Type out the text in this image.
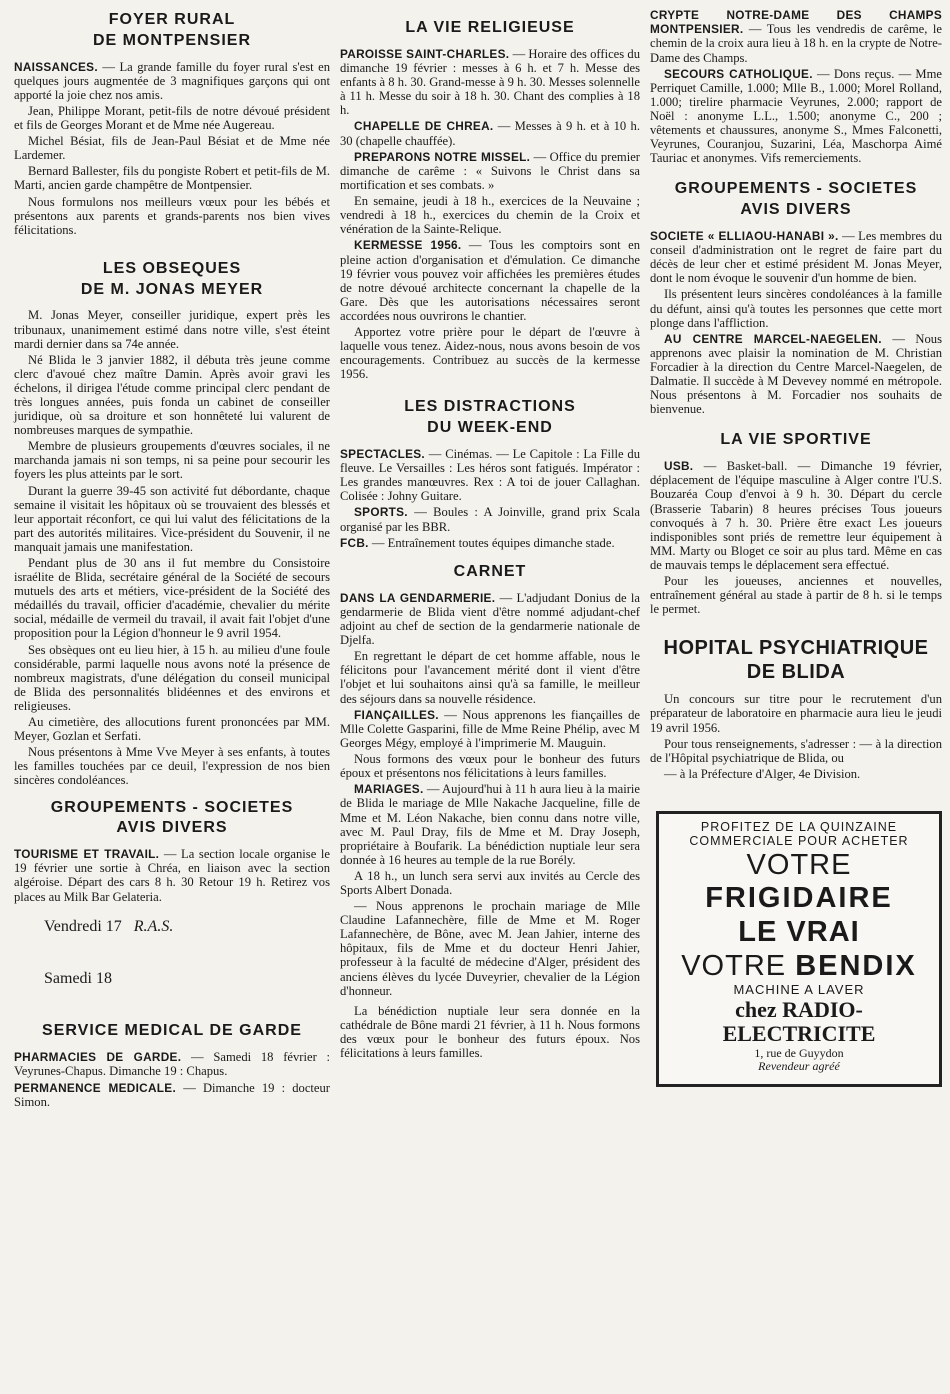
FOYER RURAL
DE MONTPENSIER

NAISSANCES. — La grande famille du foyer rural s'est en quelques jours augmentée de 3 magnifiques garçons qui ont apporté la joie chez nos amis.

Jean, Philippe Morant, petit-fils de notre dévoué président et fils de Georges Morant et de Mme née Augereau.

Michel Bésiat, fils de Jean-Paul Bésiat et de Mme née Lardemer.

Bernard Ballester, fils du pongiste Robert et petit-fils de M. Marti, ancien garde champêtre de Montpensier.

Nous formulons nos meilleurs vœux pour les bébés et présentons aux parents et grands-parents nos bien vives félicitations.

LES OBSEQUES
DE M. JONAS MEYER

M. Jonas Meyer, conseiller juridique, expert près les tribunaux, unanimement estimé dans notre ville, s'est éteint mardi dernier dans sa 74e année.

Né Blida le 3 janvier 1882, il débuta très jeune comme clerc d'avoué chez maître Damin. Après avoir gravi les échelons, il dirigea l'étude comme principal clerc pendant de très longues années, puis fonda un cabinet de conseiller juridique, où sa droiture et son honnêteté lui valurent de nombreuses marques de sympathie.

Membre de plusieurs groupements d'œuvres sociales, il ne marchanda jamais ni son temps, ni sa peine pour secourir les foyers les plus atteints par le sort.

Durant la guerre 39-45 son activité fut débordante, chaque semaine il visitait les hôpitaux où se trouvaient des blessés et leur apportait réconfort, ce qui lui valut des félicitations de la part des autorités militaires. Vice-président du Souvenir, il ne manquait jamais une manifestation.

Pendant plus de 30 ans il fut membre du Consistoire israélite de Blida, secrétaire général de la Société de secours mutuels des arts et métiers, vice-président de la Société des médaillés du travail, officier d'académie, chevalier du mérite social, médaille de vermeil du travail, il avait fait l'objet d'une proposition pour la Légion d'honneur le 9 avril 1954.

Ses obsèques ont eu lieu hier, à 15 h. au milieu d'une foule considérable, parmi laquelle nous avons noté la présence de nombreux magistrats, d'une délégation du conseil municipal de Blida des personnalités blidéennes et des environs et religieuses.

Au cimetière, des allocutions furent prononcées par MM. Meyer, Gozlan et Serfati.

Nous présentons à Mme Vve Meyer à ses enfants, à toutes les familles touchées par ce deuil, l'expression de nos bien sincères condoléances.

GROUPEMENTS - SOCIETES
AVIS DIVERS

TOURISME ET TRAVAIL. — La section locale organise le 19 février une sortie à Chréa, en liaison avec la section algéroise. Départ des cars 8 h. 30 Retour 19 h. Retirez vos places au Milk Bar Gelateria.

Vendredi 17 R.A.S.
Samedi 18
SERVICE MEDICAL DE GARDE

PHARMACIES DE GARDE. — Samedi 18 février : Veyrunes-Chapus. Dimanche 19 : Chapus.

PERMANENCE MEDICALE. — Dimanche 19 : docteur Simon.

LA VIE RELIGIEUSE

PAROISSE SAINT-CHARLES. — Horaire des offices du dimanche 19 février : messes à 6 h. et 7 h. Messe des enfants à 8 h. 30. Grand-messe à 9 h. 30. Messes solennelle à 11 h. Messe du soir à 18 h. 30. Chant des complies à 18 h.

CHAPELLE DE CHREA. — Messes à 9 h. et à 10 h. 30 (chapelle chauffée).

PREPARONS NOTRE MISSEL. — Office du premier dimanche de carême : « Suivons le Christ dans sa mortification et ses combats. »

En semaine, jeudi à 18 h., exercices de la Neuvaine ; vendredi à 18 h., exercices du chemin de la Croix et vénération de la Sainte-Relique.

KERMESSE 1956. — Tous les comptoirs sont en pleine action d'organisation et d'émulation. Ce dimanche 19 février vous pouvez voir affichées les premières études de notre dévoué architecte concernant la chapelle de la Gare. Dès que les autorisations nécessaires seront accordées nous ouvrirons le chantier.

Apportez votre prière pour le départ de l'œuvre à laquelle vous tenez. Aidez-nous, nous avons besoin de vos encouragements. Contribuez au succès de la kermesse 1956.

LES DISTRACTIONS
DU WEEK-END

SPECTACLES. — Cinémas. — Le Capitole : La Fille du fleuve. Le Versailles : Les héros sont fatigués. Impérator : Les grandes manœuvres. Rex : A toi de jouer Callaghan. Colisée : Johny Guitare.

SPORTS. — Boules : A Joinville, grand prix Scala organisé par les BBR.

FCB. — Entraînement toutes équipes dimanche stade.

CARNET

DANS LA GENDARMERIE. — L'adjudant Donius de la gendarmerie de Blida vient d'être nommé adjudant-chef adjoint au chef de section de la gendarmerie nationale de Djelfa.

En regrettant le départ de cet homme affable, nous le félicitons pour l'avancement mérité dont il vient d'être l'objet et lui souhaitons ainsi qu'à sa famille, le meilleur des séjours dans sa nouvelle résidence.

FIANÇAILLES. — Nous apprenons les fiançailles de Mlle Colette Gasparini, fille de Mme Reine Phélip, avec M Georges Mégy, employé à l'imprimerie M. Mauguin.

Nous formons des vœux pour le bonheur des futurs époux et présentons nos félicitations à leurs familles.

MARIAGES. — Aujourd'hui à 11 h aura lieu à la mairie de Blida le mariage de Mlle Nakache Jacqueline, fille de Mme et M. Léon Nakache, bien connu dans notre ville, avec M. Paul Dray, fils de Mme et M. Dray Joseph, propriétaire à Boufarik. La bénédiction nuptiale leur sera donnée à 16 heures au temple de la rue Borély.

A 18 h., un lunch sera servi aux invités au Cercle des Sports Albert Donada.

— Nous apprenons le prochain mariage de Mlle Claudine Lafannechère, fille de Mme et M. Roger Lafannechère, de Bône, avec M. Jean Jahier, interne des hôpitaux, fils de Mme et du docteur Henri Jahier, professeur à la faculté de médecine d'Alger, président des anciens élèves du lycée Duveyrier, chevalier de la Légion d'honneur.

La bénédiction nuptiale leur sera donnée en la cathédrale de Bône mardi 21 février, à 11 h. Nous formons des vœux pour le bonheur des futurs époux. Nos félicitations à leurs familles.

CRYPTE NOTRE-DAME DES CHAMPS MONTPENSIER. — Tous les vendredis de carême, le chemin de la croix aura lieu à 18 h. en la crypte de Notre-Dame des Champs.

SECOURS CATHOLIQUE. — Dons reçus. — Mme Perriquet Camille, 1.000; Mlle B., 1.000; Morel Rolland, 1.000; tirelire pharmacie Veyrunes, 2.000; rapport de Noël : anonyme L.L., 1.500; anonyme C., 200 ; vêtements et chaussures, anonyme S., Mmes Falconetti, Veyrunes, Couranjou, Suzarini, Léa, Maschorpa Aimé Tauriac et anonymes. Vifs remerciements.

GROUPEMENTS - SOCIETES
AVIS DIVERS

SOCIETE « ELLIAOU-HANABI ». — Les membres du conseil d'administration ont le regret de faire part du décès de leur cher et estimé président M. Jonas Meyer, dont le nom évoque le souvenir d'un homme de bien.

Ils présentent leurs sincères condoléances à la famille du défunt, ainsi qu'à toutes les personnes que cette mort plonge dans l'affliction.

AU CENTRE MARCEL-NAEGELEN. — Nous apprenons avec plaisir la nomination de M. Christian Forcadier à la direction du Centre Marcel-Naegelen, de Dalmatie. Il succède à M Devevey nommé en métropole. Nous présentons à M. Forcadier nos souhaits de bienvenue.

LA VIE SPORTIVE

USB. — Basket-ball. — Dimanche 19 février, déplacement de l'équipe masculine à Alger contre l'U.S. Bouzaréa Coup d'envoi à 9 h. 30. Départ du cercle (Brasserie Tabarin) 8 heures précises Tous joueurs convoqués à 7 h. 30. Prière être exact Les joueurs indisponibles sont priés de remettre leur équipement à MM. Marty ou Bloget ce soir au plus tard. Même en cas de mauvais temps le déplacement sera effectué.

Pour les joueuses, anciennes et nouvelles, entraînement général au stade à partir de 8 h. si le temps le permet.

HOPITAL PSYCHIATRIQUE
DE BLIDA

Un concours sur titre pour le recrutement d'un préparateur de laboratoire en pharmacie aura lieu le jeudi 19 avril 1956.

Pour tous renseignements, s'adresser : — à la direction de l'Hôpital psychiatrique de Blida, ou

— à la Préfecture d'Alger, 4e Division.

PROFITEZ DE LA QUINZAINE
COMMERCIALE POUR ACHETER
VOTRE FRIGIDAIRE
LE VRAI
VOTRE BENDIX
MACHINE A LAVER
chez RADIO-ELECTRICITE
1, rue de Guyydon
Revendeur agréé
